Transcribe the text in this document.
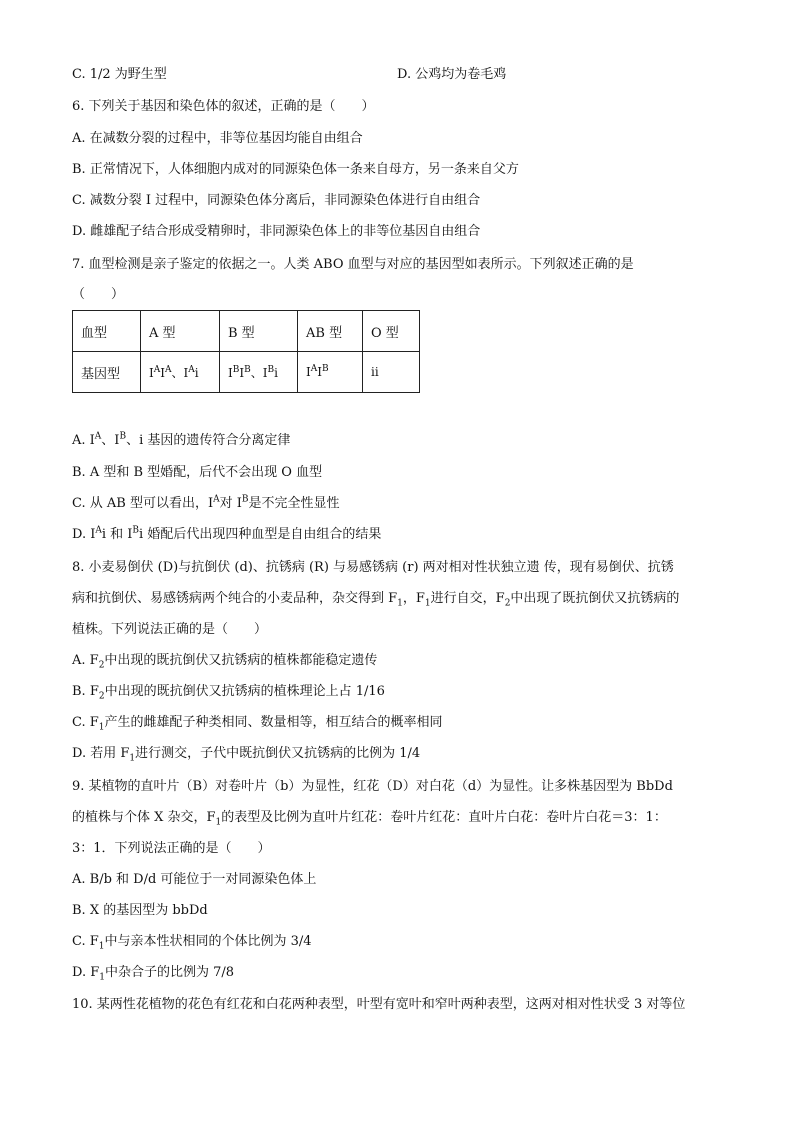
C. 1/2 为野生型	D. 公鸡均为卷毛鸡
6. 下列关于基因和染色体的叙述，正确的是（　　）
A. 在减数分裂的过程中，非等位基因均能自由组合
B. 正常情况下，人体细胞内成对的同源染色体一条来自母方，另一条来自父方
C. 减数分裂 I 过程中，同源染色体分离后，非同源染色体进行自由组合
D. 雌雄配子结合形成受精卵时，非同源染色体上的非等位基因自由组合
7. 血型检测是亲子鉴定的依据之一。人类 ABO 血型与对应的基因型如表所示。下列叙述正确的是
（　　）
血型	A 型	B 型	AB 型	O 型
基因型	$I^AI^A$、$I^Ai$	$I^BI^B$、$I^Bi$	$I^AI^B$	ii
A. $I^A$、$I^B$、i 基因的遗传符合分离定律
B. A 型和 B 型婚配，后代不会出现 O 血型
C. 从 AB 型可以看出，$I^A$对 $I^B$是不完全性显性
D. $I^Ai$ 和 $I^Bi$ 婚配后代出现四种血型是自由组合的结果
8. 小麦易倒伏 (D)与抗倒伏 (d)、抗锈病 (R) 与易感锈病 (r) 两对相对性状独立遗 传，现有易倒伏、抗锈
病和抗倒伏、易感锈病两个纯合的小麦品种，杂交得到 $F_1$，$F_1$进行自交，$F_2$中出现了既抗倒伏又抗锈病的
植株。下列说法正确的是（　　）
A. $F_2$中出现的既抗倒伏又抗锈病的植株都能稳定遗传
B. $F_2$中出现的既抗倒伏又抗锈病的植株理论上占 1/16
C. $F_1$产生的雌雄配子种类相同、数量相等，相互结合的概率相同
D. 若用 $F_1$进行测交，子代中既抗倒伏又抗锈病的比例为 1/4
9. 某植物的直叶片（B）对卷叶片（b）为显性，红花（D）对白花（d）为显性。让多株基因型为 BbDd
的植株与个体 X 杂交，$F_1$的表型及比例为直叶片红花：卷叶片红花：直叶片白花：卷叶片白花＝3：1：
3：1．下列说法正确的是（　　）
A. B/b 和 D/d 可能位于一对同源染色体上
B. X 的基因型为 bbDd
C. $F_1$中与亲本性状相同的个体比例为 3/4
D. $F_1$中杂合子的比例为 7/8
10. 某两性花植物的花色有红花和白花两种表型，叶型有宽叶和窄叶两种表型，这两对相对性状受 3 对等位
